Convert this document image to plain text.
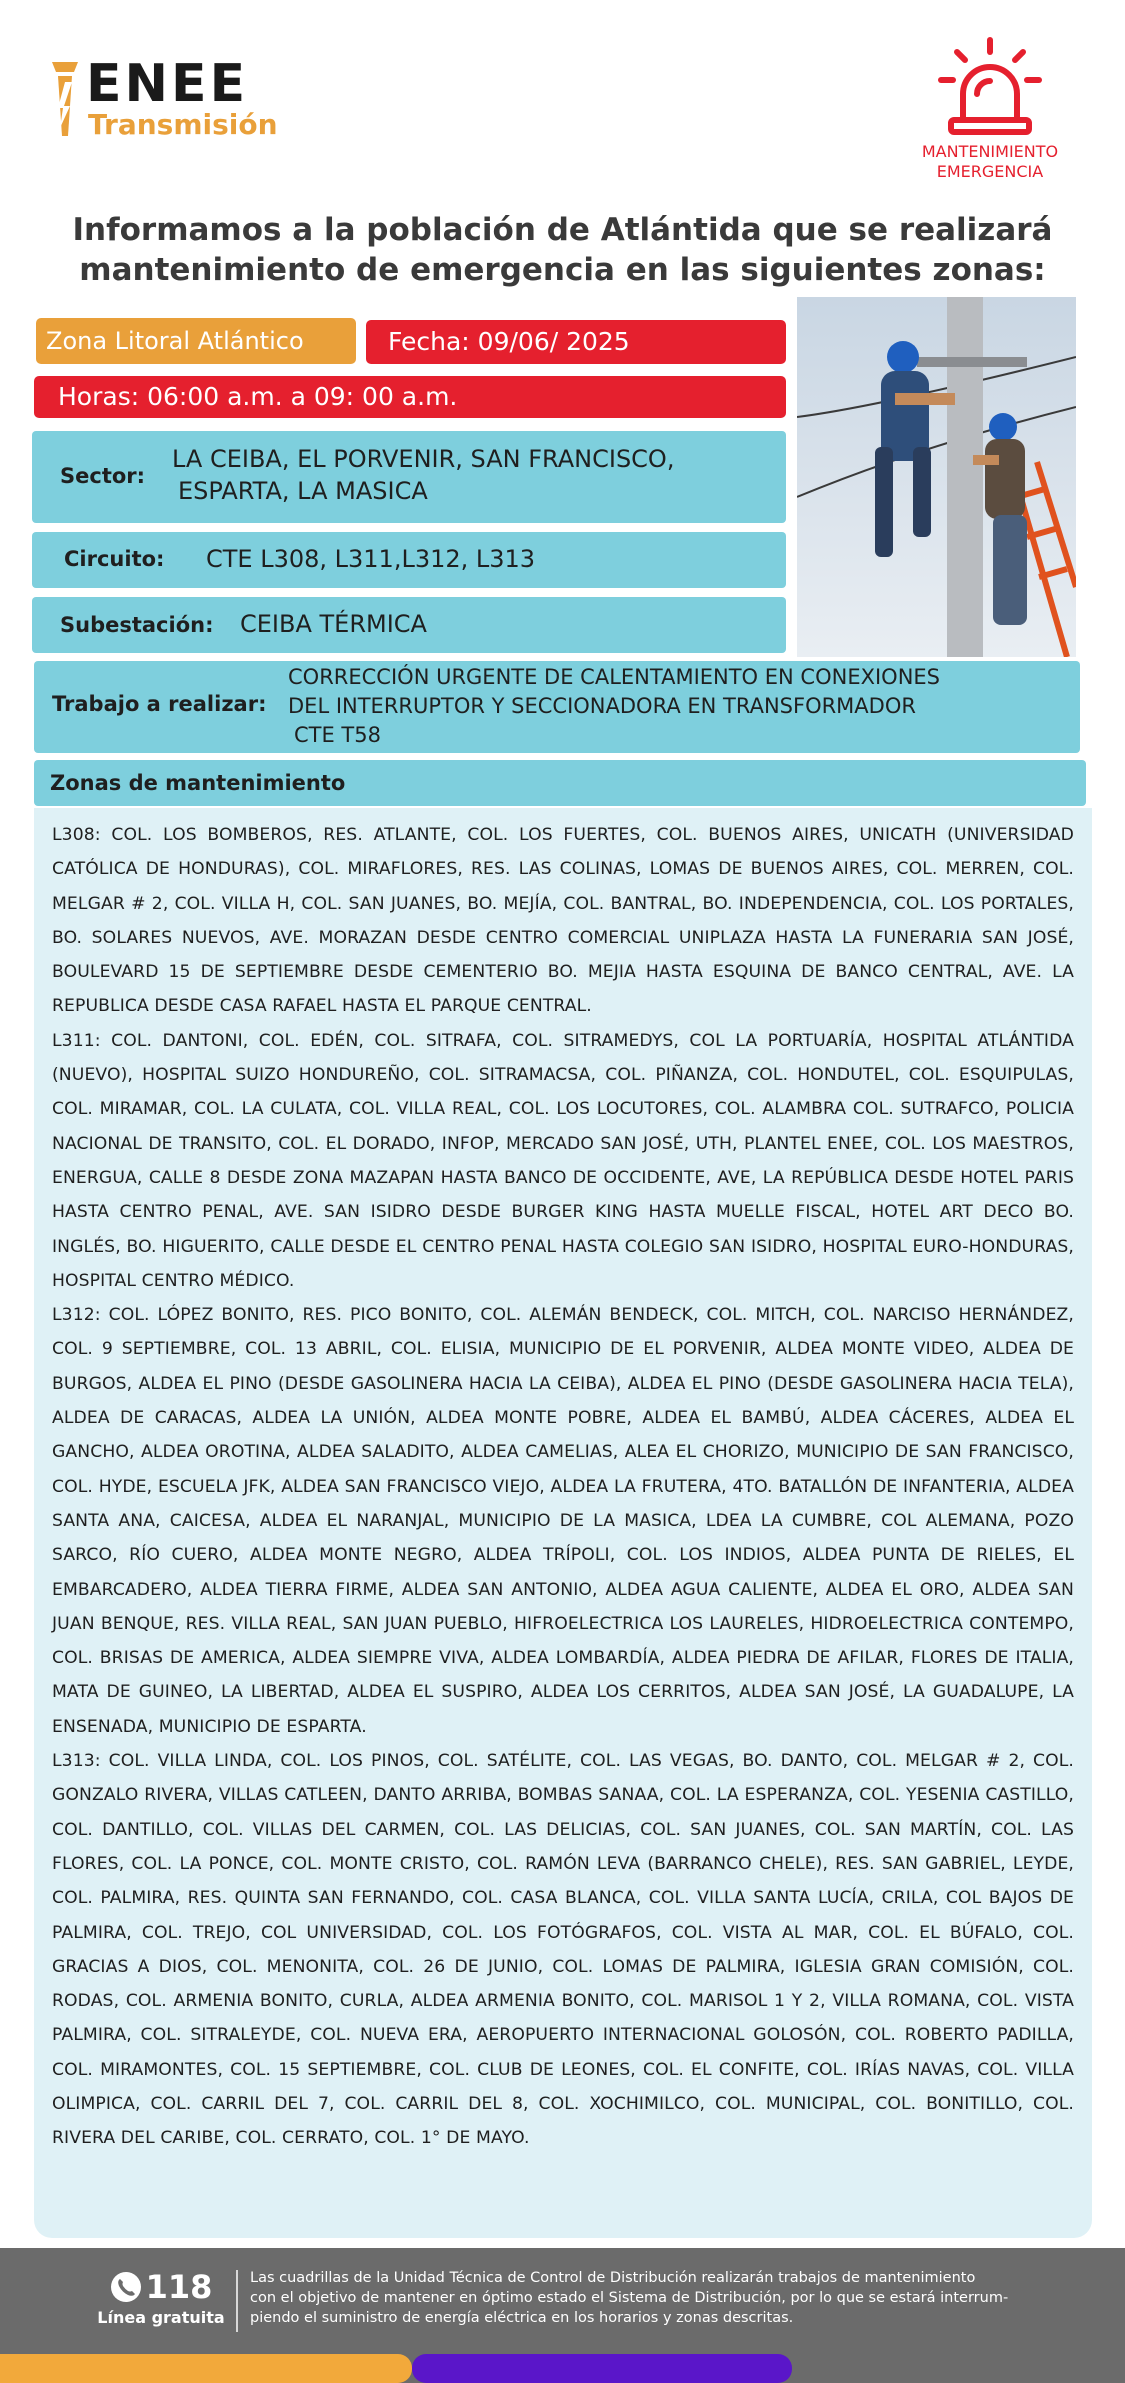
ENEE
Transmisión
MANTENIMIENTO
EMERGENCIA
Informamos a la población de Atlántida que se realizará
mantenimiento de emergencia en las siguientes zonas:
Zona Litoral Atlántico	Fecha: 09/06/ 2025
Horas: 06:00 a.m. a 09: 00 a.m.
Sector:
LA CEIBA, EL PORVENIR, SAN FRANCISCO,
ESPARTA, LA MASICA
Circuito: CTE L308, L311,L312, L313
Subestación: CEIBA TÉRMICA
Trabajo a realizar:
CORRECCIÓN URGENTE DE CALENTAMIENTO EN CONEXIONES
DEL INTERRUPTOR Y SECCIONADORA EN TRANSFORMADOR
CTE T58
Zonas de mantenimiento

L308: COL. LOS BOMBEROS, RES. ATLANTE, COL. LOS FUERTES, COL. BUENOS AIRES, UNICATH (UNIVERSIDAD CATÓLICA DE HONDURAS), COL. MIRAFLORES, RES. LAS COLINAS, LOMAS DE BUENOS AIRES, COL. MERREN, COL. MELGAR # 2, COL. VILLA H, COL. SAN JUANES, BO. MEJÍA, COL. BANTRAL, BO. INDEPENDENCIA, COL. LOS PORTALES, BO. SOLARES NUEVOS, AVE. MORAZAN DESDE CENTRO COMERCIAL UNIPLAZA HASTA LA FUNERARIA SAN JOSÉ, BOULEVARD 15 DE SEPTIEMBRE DESDE CEMENTERIO BO. MEJIA HASTA ESQUINA DE BANCO CENTRAL, AVE. LA REPUBLICA DESDE CASA RAFAEL HASTA EL PARQUE CENTRAL.

L311: COL. DANTONI, COL. EDÉN, COL. SITRAFA, COL. SITRAMEDYS, COL LA PORTUARÍA, HOSPITAL ATLÁNTIDA (NUEVO), HOSPITAL SUIZO HONDUREÑO, COL. SITRAMACSA, COL. PIÑANZA, COL. HONDUTEL, COL. ESQUIPULAS, COL. MIRAMAR, COL. LA CULATA, COL. VILLA REAL, COL. LOS LOCUTORES, COL. ALAMBRA COL. SUTRAFCO, POLICIA NACIONAL DE TRANSITO, COL. EL DORADO, INFOP, MERCADO SAN JOSÉ, UTH, PLANTEL ENEE, COL. LOS MAESTROS, ENERGUA, CALLE 8 DESDE ZONA MAZAPAN HASTA BANCO DE OCCIDENTE, AVE, LA REPÚBLICA DESDE HOTEL PARIS HASTA CENTRO PENAL, AVE. SAN ISIDRO DESDE BURGER KING HASTA MUELLE FISCAL, HOTEL ART DECO BO. INGLÉS, BO. HIGUERITO, CALLE DESDE EL CENTRO PENAL HASTA COLEGIO SAN ISIDRO, HOSPITAL EURO-HONDURAS, HOSPITAL CENTRO MÉDICO.

L312: COL. LÓPEZ BONITO, RES. PICO BONITO, COL. ALEMÁN BENDECK, COL. MITCH, COL. NARCISO HERNÁNDEZ, COL. 9 SEPTIEMBRE, COL. 13 ABRIL, COL. ELISIA, MUNICIPIO DE EL PORVENIR, ALDEA MONTE VIDEO, ALDEA DE BURGOS, ALDEA EL PINO (DESDE GASOLINERA HACIA LA CEIBA), ALDEA EL PINO (DESDE GASOLINERA HACIA TELA), ALDEA DE CARACAS, ALDEA LA UNIÓN, ALDEA MONTE POBRE, ALDEA EL BAMBÚ, ALDEA CÁCERES, ALDEA EL GANCHO, ALDEA OROTINA, ALDEA SALADITO, ALDEA CAMELIAS, ALEA EL CHORIZO, MUNICIPIO DE SAN FRANCISCO, COL. HYDE, ESCUELA JFK, ALDEA SAN FRANCISCO VIEJO, ALDEA LA FRUTERA, 4TO. BATALLÓN DE INFANTERIA, ALDEA SANTA ANA, CAICESA, ALDEA EL NARANJAL, MUNICIPIO DE LA MASICA, LDEA LA CUMBRE, COL ALEMANA, POZO SARCO, RÍO CUERO, ALDEA MONTE NEGRO, ALDEA TRÍPOLI, COL. LOS INDIOS, ALDEA PUNTA DE RIELES, EL EMBARCADERO, ALDEA TIERRA FIRME, ALDEA SAN ANTONIO, ALDEA AGUA CALIENTE, ALDEA EL ORO, ALDEA SAN JUAN BENQUE, RES. VILLA REAL, SAN JUAN PUEBLO, HIFROELECTRICA LOS LAURELES, HIDROELECTRICA CONTEMPO, COL. BRISAS DE AMERICA, ALDEA SIEMPRE VIVA, ALDEA LOMBARDÍA, ALDEA PIEDRA DE AFILAR, FLORES DE ITALIA, MATA DE GUINEO, LA LIBERTAD, ALDEA EL SUSPIRO, ALDEA LOS CERRITOS, ALDEA SAN JOSÉ, LA GUADALUPE, LA ENSENADA, MUNICIPIO DE ESPARTA.

L313: COL. VILLA LINDA, COL. LOS PINOS, COL. SATÉLITE, COL. LAS VEGAS, BO. DANTO, COL. MELGAR # 2, COL. GONZALO RIVERA, VILLAS CATLEEN, DANTO ARRIBA, BOMBAS SANAA, COL. LA ESPERANZA, COL. YESENIA CASTILLO, COL. DANTILLO, COL. VILLAS DEL CARMEN, COL. LAS DELICIAS, COL. SAN JUANES, COL. SAN MARTÍN, COL. LAS FLORES, COL. LA PONCE, COL. MONTE CRISTO, COL. RAMÓN LEVA (BARRANCO CHELE), RES. SAN GABRIEL, LEYDE, COL. PALMIRA, RES. QUINTA SAN FERNANDO, COL. CASA BLANCA, COL. VILLA SANTA LUCÍA, CRILA, COL BAJOS DE PALMIRA, COL. TREJO, COL UNIVERSIDAD, COL. LOS FOTÓGRAFOS, COL. VISTA AL MAR, COL. EL BÚFALO, COL. GRACIAS A DIOS, COL. MENONITA, COL. 26 DE JUNIO, COL. LOMAS DE PALMIRA, IGLESIA GRAN COMISIÓN, COL. RODAS, COL. ARMENIA BONITO, CURLA, ALDEA ARMENIA BONITO, COL. MARISOL 1 Y 2, VILLA ROMANA, COL. VISTA PALMIRA, COL. SITRALEYDE, COL. NUEVA ERA, AEROPUERTO INTERNACIONAL GOLOSÓN, COL. ROBERTO PADILLA, COL. MIRAMONTES, COL. 15 SEPTIEMBRE, COL. CLUB DE LEONES, COL. EL CONFITE, COL. IRÍAS NAVAS, COL. VILLA OLIMPICA, COL. CARRIL DEL 7, COL. CARRIL DEL 8, COL. XOCHIMILCO, COL. MUNICIPAL, COL. BONITILLO, COL. RIVERA DEL CARIBE, COL. CERRATO, COL. 1° DE MAYO.

118
Línea gratuita
Las cuadrillas de la Unidad Técnica de Control de Distribución realizarán trabajos de mantenimiento
con el objetivo de mantener en óptimo estado el Sistema de Distribución, por lo que se estará interrum-
piendo el suministro de energía eléctrica en los horarios y zonas descritas.
